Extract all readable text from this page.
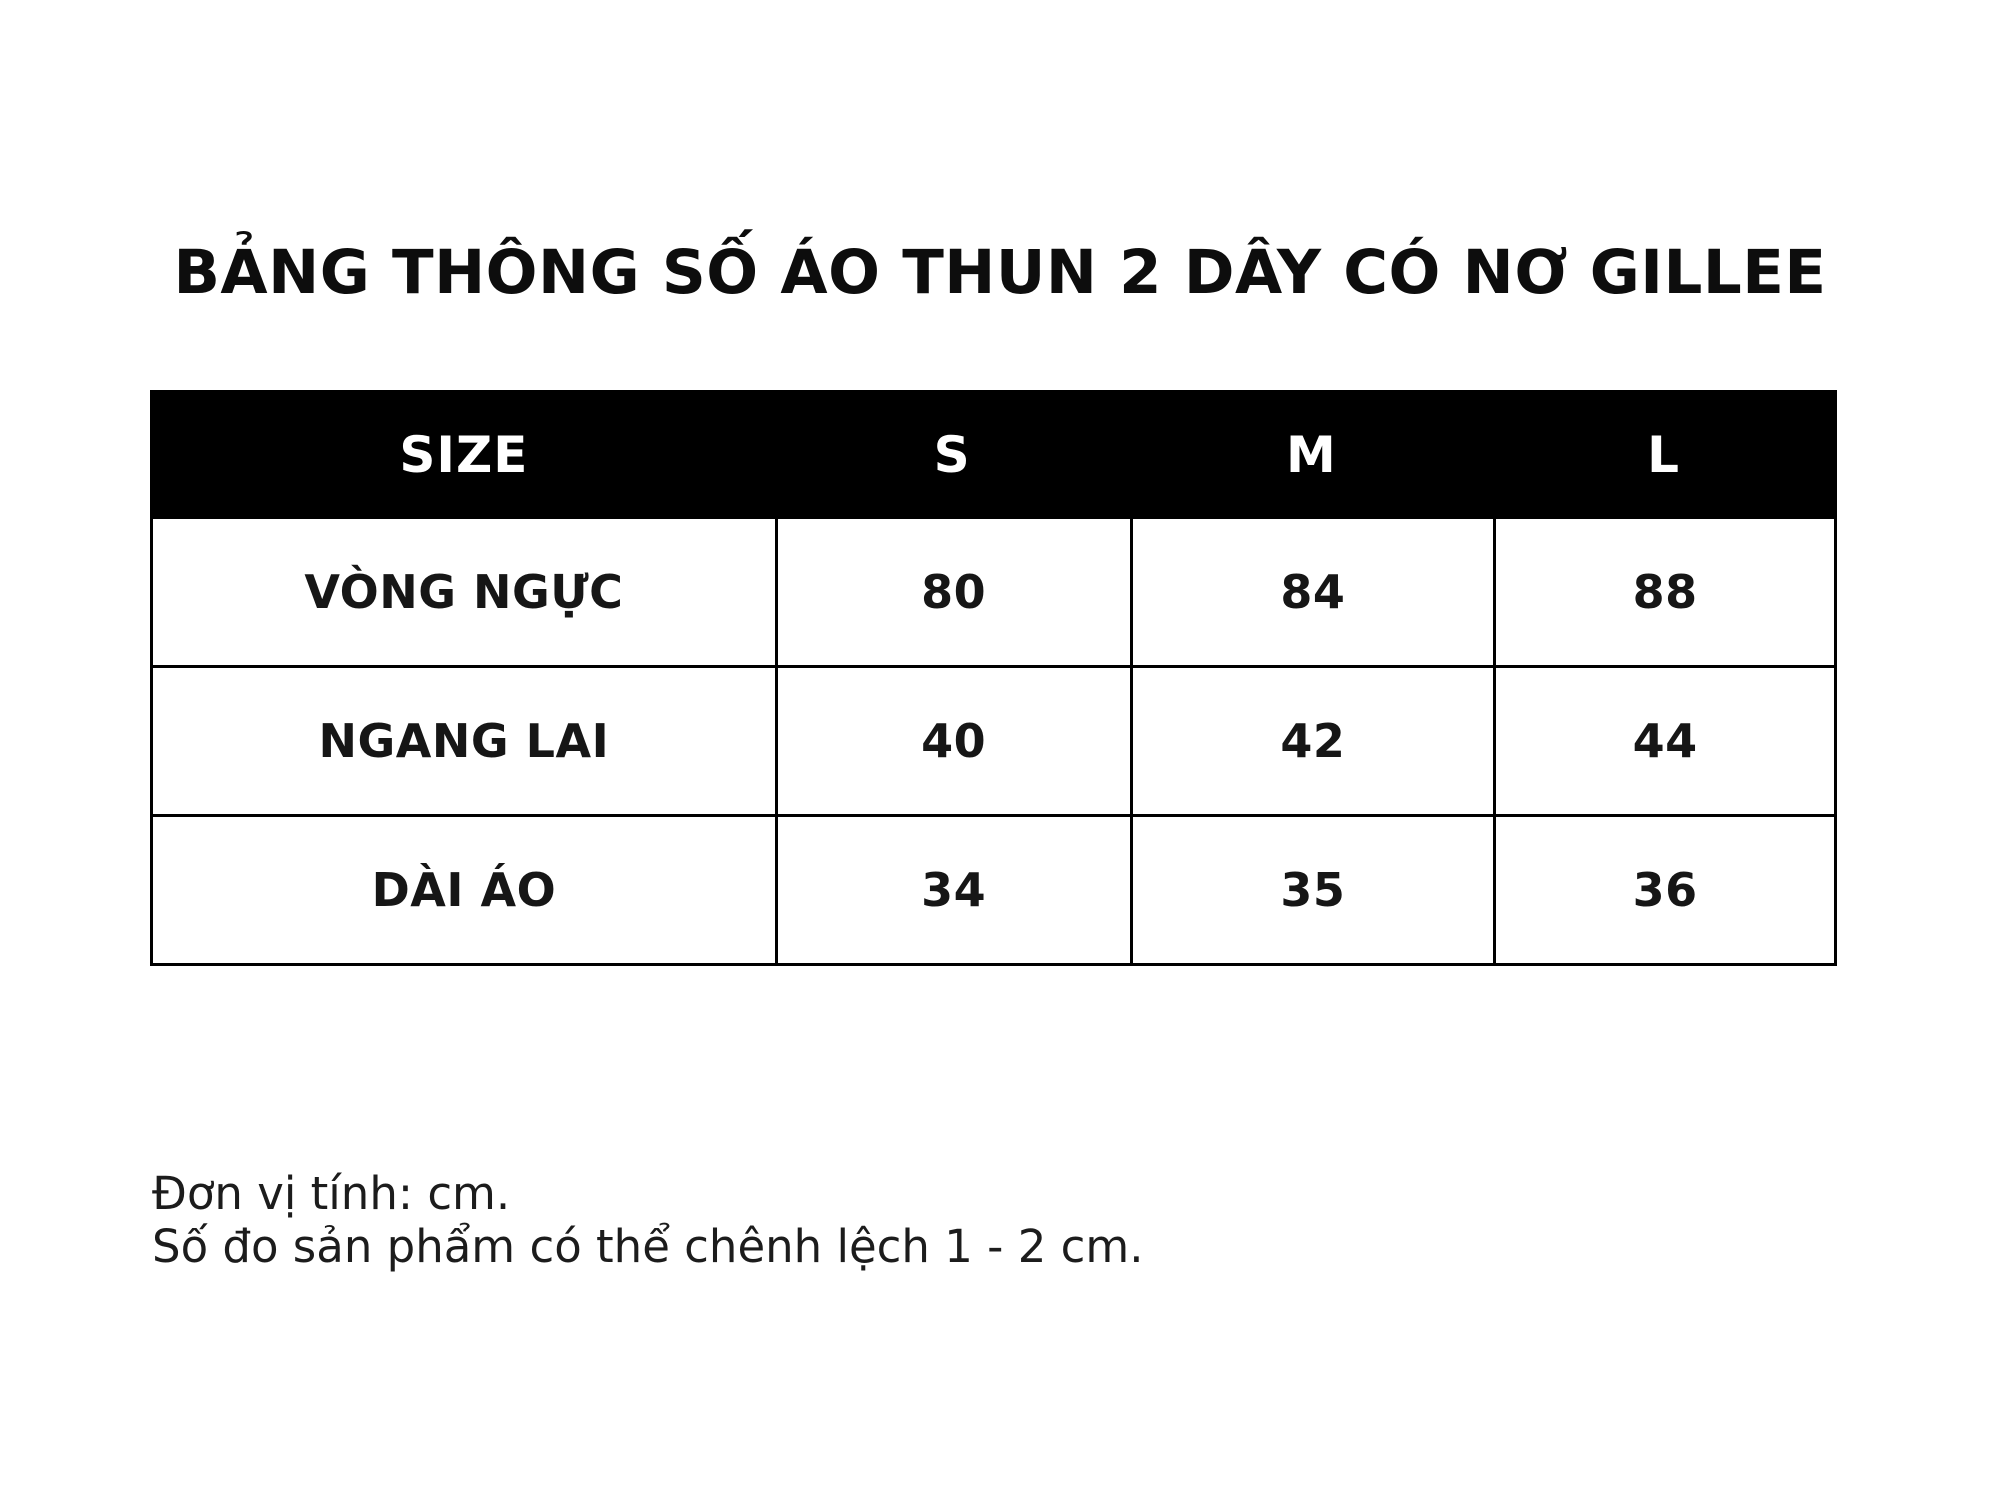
BẢNG THÔNG SỐ ÁO THUN 2 DÂY CÓ NƠ GILLEE
SIZE	S	M	L
VÒNG NGỰC	80	84	88
NGANG LAI	40	42	44
DÀI ÁO	34	35	36
Đơn vị tính: cm.
Số đo sản phẩm có thể chênh lệch 1 - 2 cm.
